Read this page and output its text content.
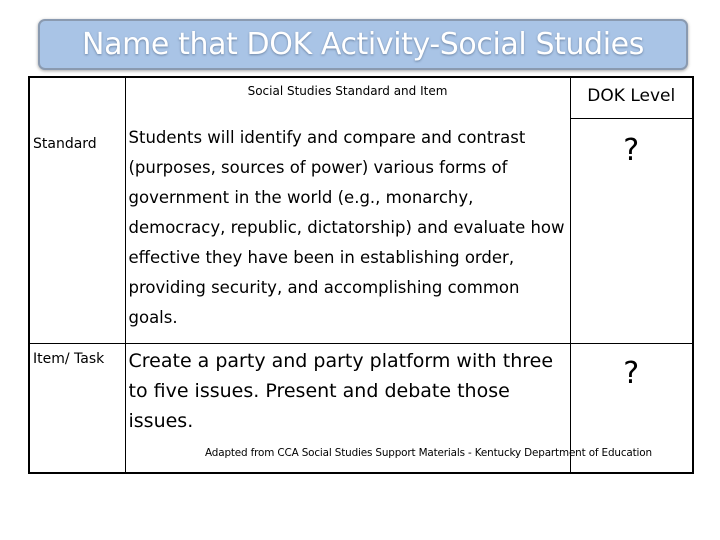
Name that DOK Activity-Social Studies
	Social Studies Standard and Item	DOK Level
Standard	Students will identify and compare and contrast (purposes, sources of power) various forms of government in the world (e.g., monarchy, democracy, republic, dictatorship) and evaluate how effective they have been in establishing order, providing security, and accomplishing common goals.	?
Item/ Task	Create a party and party platform with three to five issues. Present and debate those issues.	?
Adapted from CCA Social Studies Support Materials - Kentucky Department of Education
